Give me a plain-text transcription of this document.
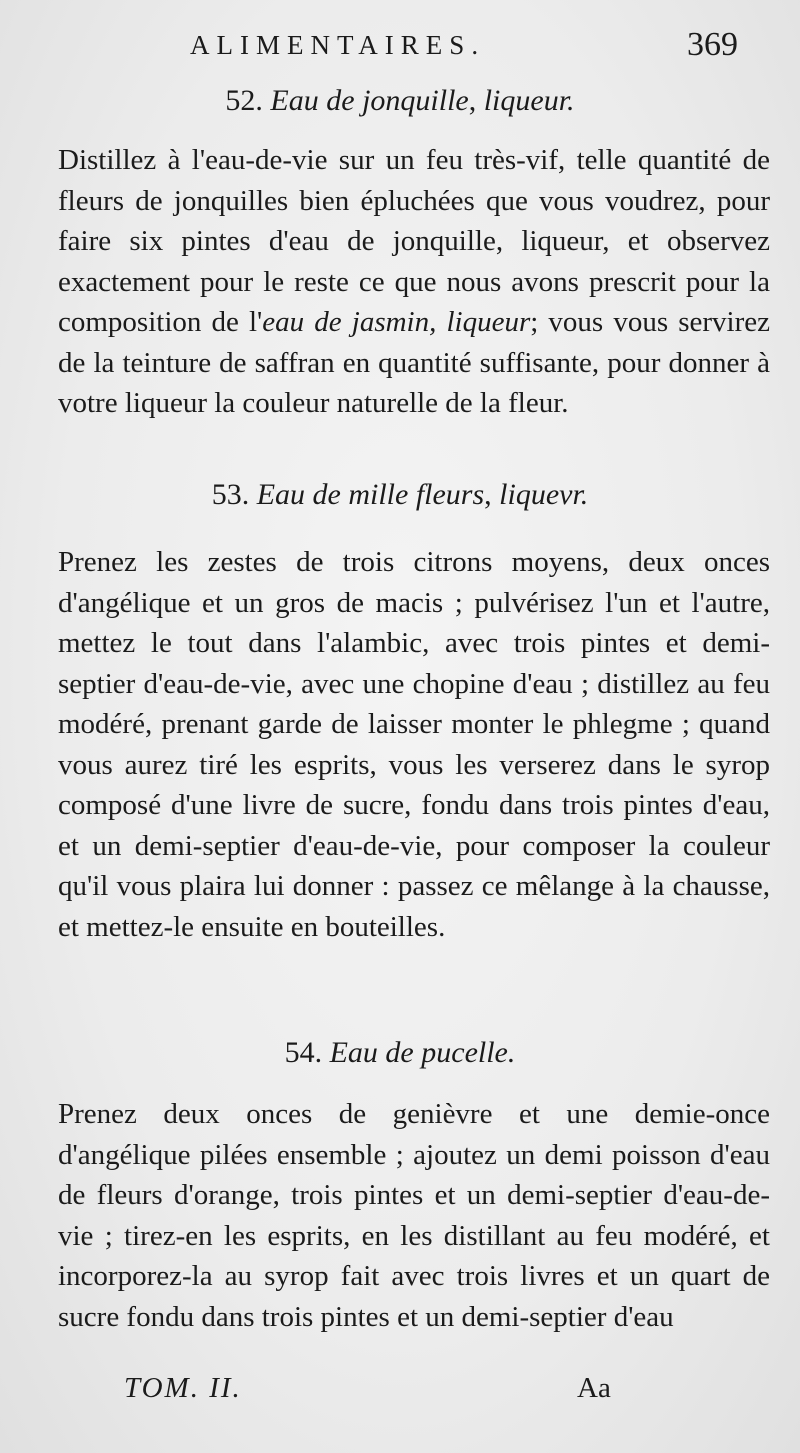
ALIMENTAIRES.	369
52. Eau de jonquille, liqueur.

Distillez à l'eau-de-vie sur un feu très-vif, telle quantité de fleurs de jonquilles bien épluchées que vous voudrez, pour faire six pintes d'eau de jonquille, liqueur, et observez exactement pour le reste ce que nous avons prescrit pour la composition de l'eau de jasmin, liqueur; vous vous servirez de la teinture de saffran en quantité suffisante, pour donner à votre liqueur la couleur naturelle de la fleur.

53. Eau de mille fleurs, liquevr.

Prenez les zestes de trois citrons moyens, deux onces d'angélique et un gros de macis ; pulvérisez l'un et l'autre, mettez le tout dans l'alambic, avec trois pintes et demi-septier d'eau-de-vie, avec une chopine d'eau ; distillez au feu modéré, prenant garde de laisser monter le phlegme ; quand vous aurez tiré les esprits, vous les verserez dans le syrop composé d'une livre de sucre, fondu dans trois pintes d'eau, et un demi-septier d'eau-de-vie, pour composer la couleur qu'il vous plaira lui donner : passez ce mêlange à la chausse, et mettez-le ensuite en bouteilles.

54. Eau de pucelle.

Prenez deux onces de genièvre et une demie-once d'angélique pilées ensemble ; ajoutez un demi poisson d'eau de fleurs d'orange, trois pintes et un demi-septier d'eau-de-vie ; tirez-en les esprits, en les distillant au feu modéré, et incorporez-la au syrop fait avec trois livres et un quart de sucre fondu dans trois pintes et un demi-septier d'eau

TOM. II.	Aa
